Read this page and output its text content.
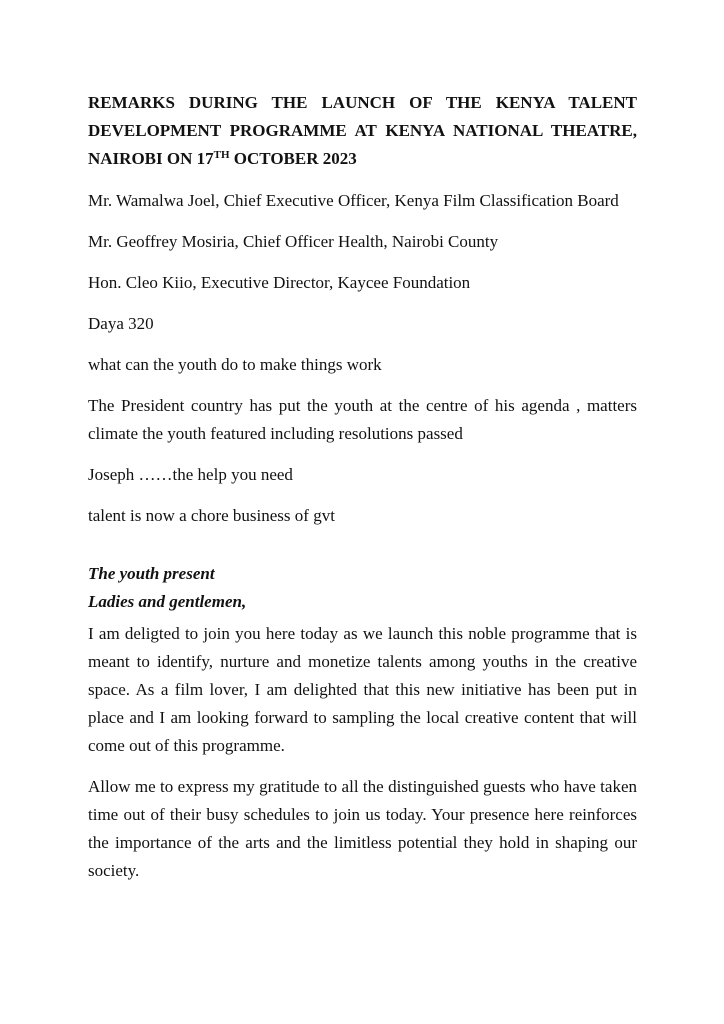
REMARKS DURING THE LAUNCH OF THE KENYA TALENT DEVELOPMENT PROGRAMME AT KENYA NATIONAL THEATRE, NAIROBI ON 17TH OCTOBER 2023

Mr. Wamalwa Joel, Chief Executive Officer, Kenya Film Classification Board

Mr. Geoffrey Mosiria, Chief Officer Health, Nairobi County

Hon. Cleo Kiio, Executive Director, Kaycee Foundation

Daya 320

what can the youth do to make things work

The President country has put the youth at the centre of his agenda , matters climate the youth featured including resolutions passed

Joseph ……the help you need

talent is now a chore business of gvt

The youth present

Ladies and gentlemen,

I am deligted to join you here today as we launch this noble programme that is meant to identify, nurture and monetize talents among youths in the creative space. As a film lover, I am delighted that this new initiative has been put in place and I am looking forward to sampling the local creative content that will come out of this programme.

Allow me to express my gratitude to all the distinguished guests who have taken time out of their busy schedules to join us today. Your presence here reinforces the importance of the arts and the limitless potential they hold in shaping our society.
